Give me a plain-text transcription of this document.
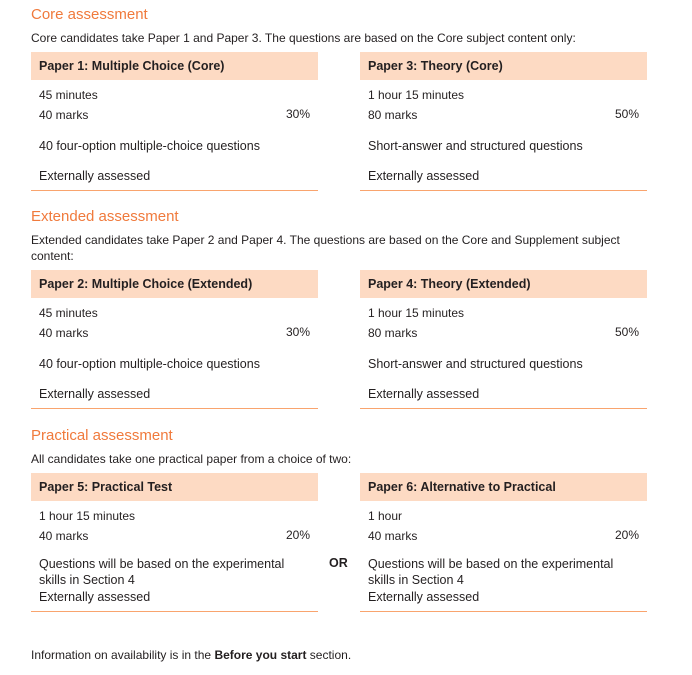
Core assessment
Core candidates take Paper 1 and Paper 3. The questions are based on the Core subject content only:
Paper 1: Multiple Choice (Core)
45 minutes
40 marks	30%
40 four-option multiple-choice questions
Externally assessed
Paper 3: Theory (Core)
1 hour 15 minutes
80 marks	50%
Short-answer and structured questions
Externally assessed
Extended assessment
Extended candidates take Paper 2 and Paper 4. The questions are based on the Core and Supplement subject content:
Paper 2: Multiple Choice (Extended)
45 minutes
40 marks	30%
40 four-option multiple-choice questions
Externally assessed
Paper 4: Theory (Extended)
1 hour 15 minutes
80 marks	50%
Short-answer and structured questions
Externally assessed
Practical assessment
All candidates take one practical paper from a choice of two:
Paper 5: Practical Test
1 hour 15 minutes
40 marks	20%
Questions will be based on the experimental skills in Section 4
Externally assessed
Paper 6: Alternative to Practical
1 hour
40 marks	20%
Questions will be based on the experimental skills in Section 4
Externally assessed
OR
Information on availability is in the Before you start section.
